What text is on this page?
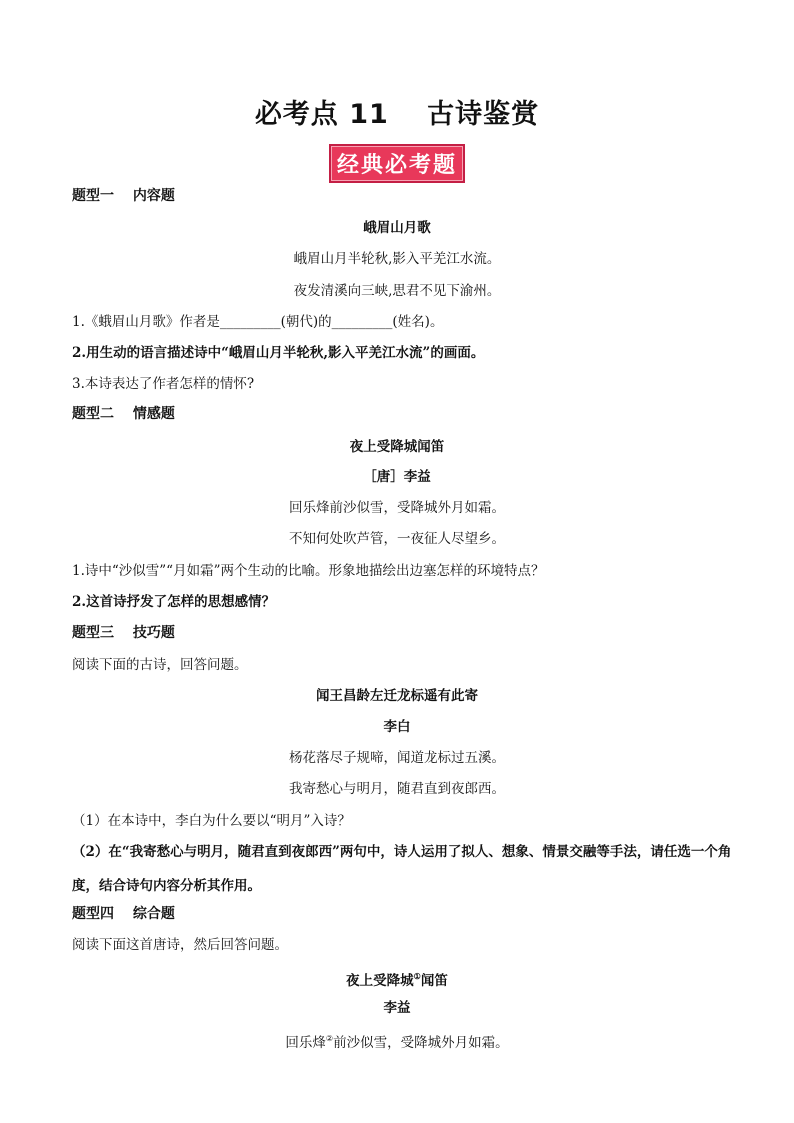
必考点 11　 古诗鉴赏
经典必考题
题型一　 内容题
峨眉山月歌
峨眉山月半轮秋,影入平羌江水流。
夜发清溪向三峡,思君不见下渝州。
1.《蛾眉山月歌》作者是_________(朝代)的_________(姓名)。
2.用生动的语言描述诗中“峨眉山月半轮秋,影入平羌江水流”的画面。
3.本诗表达了作者怎样的情怀?
题型二　 情感题
夜上受降城闻笛
［唐］李益
回乐烽前沙似雪，受降城外月如霜。
不知何处吹芦管，一夜征人尽望乡。
1.诗中“沙似雪”“月如霜”两个生动的比喻。形象地描绘出边塞怎样的环境特点？
2.这首诗抒发了怎样的思想感情？
题型三　 技巧题
阅读下面的古诗，回答问题。
闻王昌龄左迁龙标遥有此寄
李白
杨花落尽子规啼，闻道龙标过五溪。
我寄愁心与明月，随君直到夜郎西。
（1）在本诗中，李白为什么要以“明月”入诗？
（2）在“我寄愁心与明月，随君直到夜郎西”两句中，诗人运用了拟人、想象、情景交融等手法，请任选一个角度，结合诗句内容分析其作用。
题型四　 综合题
阅读下面这首唐诗，然后回答问题。
夜上受降城①闻笛
李益
回乐烽②前沙似雪，受降城外月如霜。
